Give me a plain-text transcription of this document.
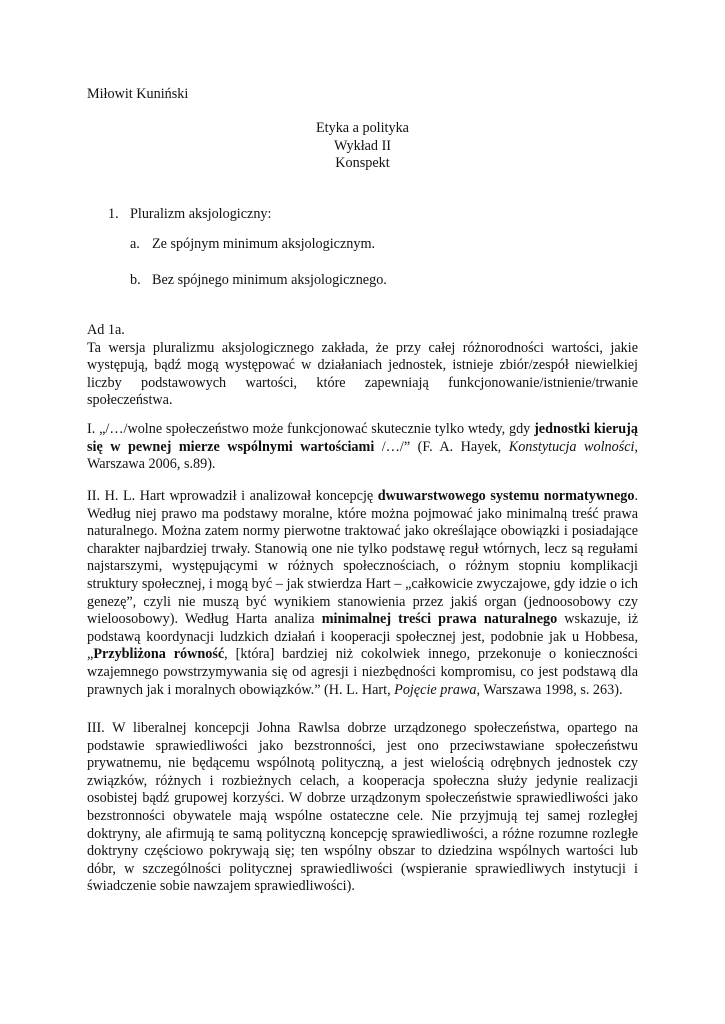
Miłowit Kuniński
Etyka a polityka
Wykład II
Konspekt
1. Pluralizm aksjologiczny:
a. Ze spójnym minimum aksjologicznym.
b. Bez spójnego minimum aksjologicznego.
Ad 1a.
Ta wersja pluralizmu aksjologicznego zakłada, że przy całej różnorodności wartości, jakie występują, bądź mogą występować w działaniach jednostek, istnieje zbiór/zespół niewielkiej liczby podstawowych wartości, które zapewniają funkcjonowanie/istnienie/trwanie społeczeństwa.

I. „/…/wolne społeczeństwo może funkcjonować skutecznie tylko wtedy, gdy jednostki kierują się w pewnej mierze wspólnymi wartościami /…/” (F. A. Hayek, Konstytucja wolności, Warszawa 2006, s.89).

II. H. L. Hart wprowadził i analizował koncepcję dwuwarstwowego systemu normatywnego. Według niej prawo ma podstawy moralne, które można pojmować jako minimalną treść prawa naturalnego. Można zatem normy pierwotne traktować jako określające obowiązki i posiadające charakter najbardziej trwały. Stanowią one nie tylko podstawę reguł wtórnych, lecz są regułami najstarszymi, występującymi w różnych społecznościach, o różnym stopniu komplikacji struktury społecznej, i mogą być – jak stwierdza Hart – „całkowicie zwyczajowe, gdy idzie o ich genezę”, czyli nie muszą być wynikiem stanowienia przez jakiś organ (jednoosobowy czy wieloosobowy). Według Harta analiza minimalnej treści prawa naturalnego wskazuje, iż podstawą koordynacji ludzkich działań i kooperacji społecznej jest, podobnie jak u Hobbesa, „Przybliżona równość, [która] bardziej niż cokolwiek innego, przekonuje o konieczności wzajemnego powstrzymywania się od agresji i niezbędności kompromisu, co jest podstawą dla prawnych jak i moralnych obowiązków.” (H. L. Hart, Pojęcie prawa, Warszawa 1998, s. 263).

III. W liberalnej koncepcji Johna Rawlsa dobrze urządzonego społeczeństwa, opartego na podstawie sprawiedliwości jako bezstronności, jest ono przeciwstawiane społeczeństwu prywatnemu, nie będącemu wspólnotą polityczną, a jest wielością odrębnych jednostek czy związków, różnych i rozbieżnych celach, a kooperacja społeczna służy jedynie realizacji osobistej bądź grupowej korzyści. W dobrze urządzonym społeczeństwie sprawiedliwości jako bezstronności obywatele mają wspólne ostateczne cele. Nie przyjmują tej samej rozległej doktryny, ale afirmują te samą polityczną koncepcję sprawiedliwości, a różne rozumne rozległe doktryny częściowo pokrywają się; ten wspólny obszar to dziedzina wspólnych wartości lub dóbr, w szczególności politycznej sprawiedliwości (wspieranie sprawiedliwych instytucji i świadczenie sobie nawzajem sprawiedliwości).
